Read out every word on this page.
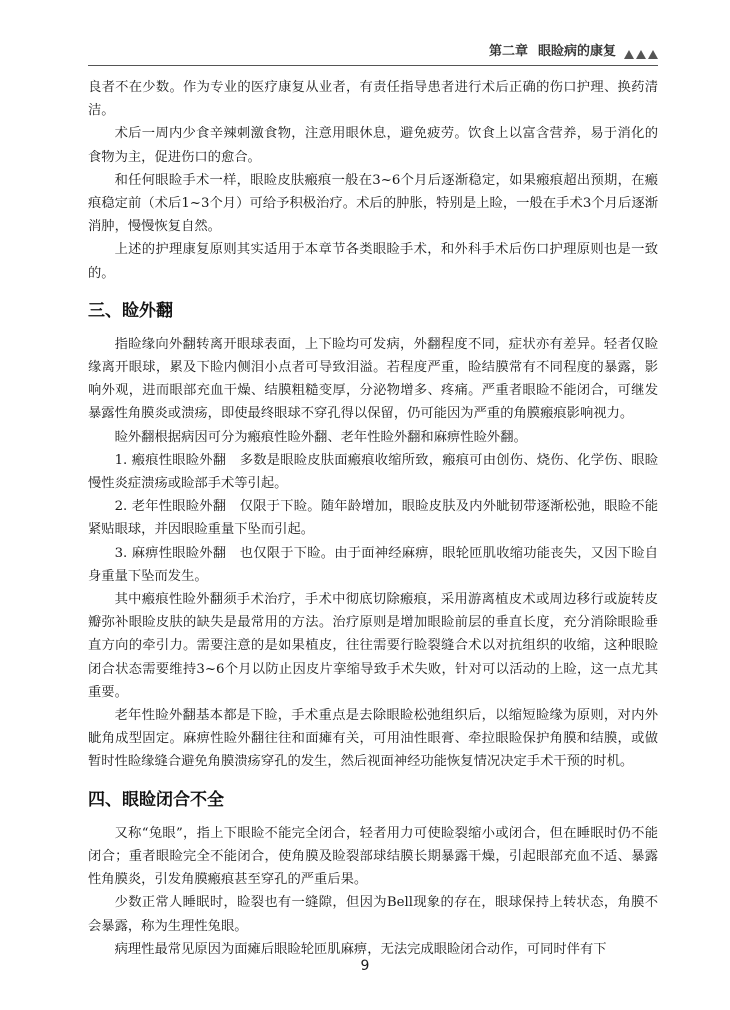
第二章 眼睑病的康复

良者不在少数。作为专业的医疗康复从业者，有责任指导患者进行术后正确的伤口护理、换药清洁。

术后一周内少食辛辣刺激食物，注意用眼休息，避免疲劳。饮食上以富含营养，易于消化的食物为主，促进伤口的愈合。

和任何眼睑手术一样，眼睑皮肤瘢痕一般在3~6个月后逐渐稳定，如果瘢痕超出预期，在瘢痕稳定前（术后1~3个月）可给予积极治疗。术后的肿胀，特别是上睑，一般在手术3个月后逐渐消肿，慢慢恢复自然。

上述的护理康复原则其实适用于本章节各类眼睑手术，和外科手术后伤口护理原则也是一致的。

三、睑外翻

指睑缘向外翻转离开眼球表面，上下睑均可发病，外翻程度不同，症状亦有差异。轻者仅睑缘离开眼球，累及下睑内侧泪小点者可导致泪溢。若程度严重，睑结膜常有不同程度的暴露，影响外观，进而眼部充血干燥、结膜粗糙变厚，分泌物增多、疼痛。严重者眼睑不能闭合，可继发暴露性角膜炎或溃疡，即使最终眼球不穿孔得以保留，仍可能因为严重的角膜瘢痕影响视力。

睑外翻根据病因可分为瘢痕性睑外翻、老年性睑外翻和麻痹性睑外翻。

1. 瘢痕性眼睑外翻　多数是眼睑皮肤面瘢痕收缩所致，瘢痕可由创伤、烧伤、化学伤、眼睑慢性炎症溃疡或睑部手术等引起。

2. 老年性眼睑外翻　仅限于下睑。随年龄增加，眼睑皮肤及内外眦韧带逐渐松弛，眼睑不能紧贴眼球，并因眼睑重量下坠而引起。

3. 麻痹性眼睑外翻　也仅限于下睑。由于面神经麻痹，眼轮匝肌收缩功能丧失，又因下睑自身重量下坠而发生。

其中瘢痕性睑外翻须手术治疗，手术中彻底切除瘢痕，采用游离植皮术或周边移行或旋转皮瓣弥补眼睑皮肤的缺失是最常用的方法。治疗原则是增加眼睑前层的垂直长度，充分消除眼睑垂直方向的牵引力。需要注意的是如果植皮，往往需要行睑裂缝合术以对抗组织的收缩，这种眼睑闭合状态需要维持3~6个月以防止因皮片挛缩导致手术失败，针对可以活动的上睑，这一点尤其重要。

老年性睑外翻基本都是下睑，手术重点是去除眼睑松弛组织后，以缩短睑缘为原则，对内外眦角成型固定。麻痹性睑外翻往往和面瘫有关，可用油性眼膏、牵拉眼睑保护角膜和结膜，或做暂时性睑缘缝合避免角膜溃疡穿孔的发生，然后视面神经功能恢复情况决定手术干预的时机。

四、眼睑闭合不全

又称“兔眼”，指上下眼睑不能完全闭合，轻者用力可使睑裂缩小或闭合，但在睡眠时仍不能闭合；重者眼睑完全不能闭合，使角膜及睑裂部球结膜长期暴露干燥，引起眼部充血不适、暴露性角膜炎，引发角膜瘢痕甚至穿孔的严重后果。

少数正常人睡眠时，睑裂也有一缝隙，但因为Bell现象的存在，眼球保持上转状态，角膜不会暴露，称为生理性兔眼。

病理性最常见原因为面瘫后眼睑轮匝肌麻痹，无法完成眼睑闭合动作，可同时伴有下

9
